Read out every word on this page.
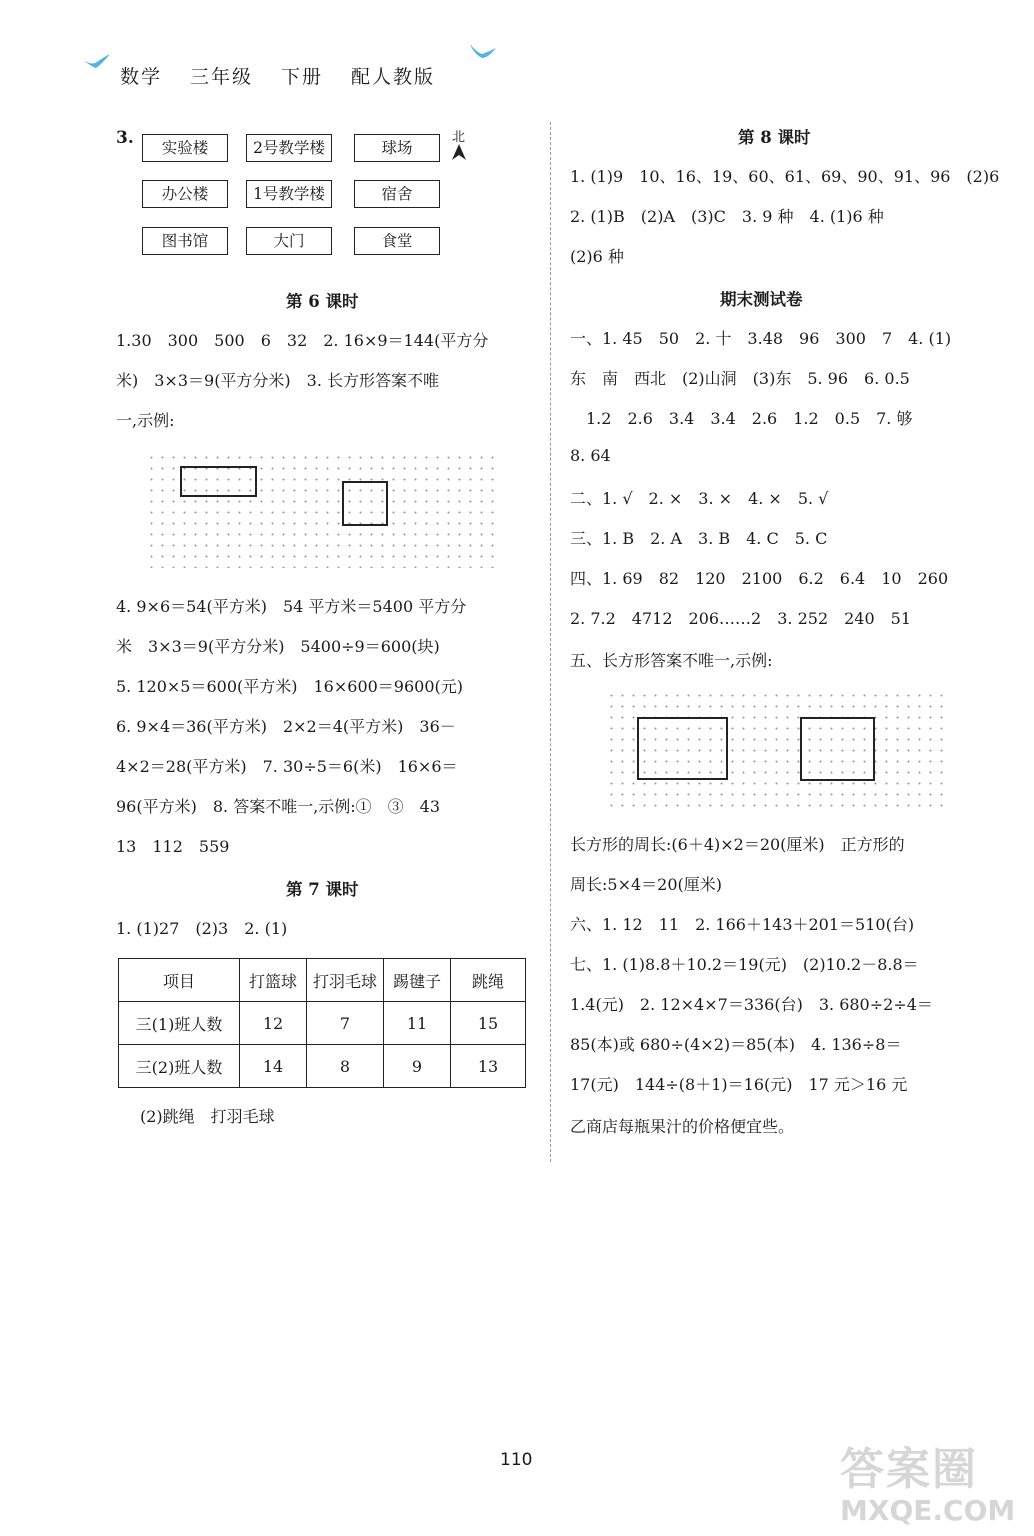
数学 三年级 下册 配人教版
3.	实验楼	2号教学楼	球场
办公楼	1号教学楼	宿舍
图书馆	大门	食堂
北
第 6 课时
1.30　300　500　6　32　2. 16×9＝144(平方分
米)　3×3＝9(平方分米)　3. 长方形答案不唯
一,示例:
4. 9×6＝54(平方米)　54 平方米＝5400 平方分
米　3×3＝9(平方分米)　5400÷9＝600(块)
5. 120×5＝600(平方米)　16×600＝9600(元)
6. 9×4＝36(平方米)　2×2＝4(平方米)　36－
4×2＝28(平方米)　7. 30÷5＝6(米)　16×6＝
96(平方米)　8. 答案不唯一,示例:①　③　43
13　112　559
第 7 课时
1. (1)27　(2)3　2. (1)
项目	打篮球	打羽毛球	踢毽子	跳绳
三(1)班人数	12	7	11	15
三(2)班人数	14	8	9	13
(2)跳绳　打羽毛球
第 8 课时
1. (1)9　10、16、19、60、61、69、90、91、96　(2)6
2. (1)B　(2)A　(3)C　3. 9 种　4. (1)6 种
(2)6 种
期末测试卷
一、1. 45　50　2. 十　3.48　96　300　7　4. (1)
东　南　西北　(2)山洞　(3)东　5. 96　6. 0.5
　1.2　2.6　3.4　3.4　2.6　1.2　0.5　7. 够
8. 64
二、1. √　2. ×　3. ×　4. ×　5. √
三、1. B　2. A　3. B　4. C　5. C
四、1. 69　82　120　2100　6.2　6.4　10　260
2. 7.2　4712　206……2　3. 252　240　51
五、长方形答案不唯一,示例:
长方形的周长:(6＋4)×2＝20(厘米)　正方形的
周长:5×4＝20(厘米)
六、1. 12　11　2. 166＋143＋201＝510(台)
七、1. (1)8.8＋10.2＝19(元)　(2)10.2－8.8＝
1.4(元)　2. 12×4×7＝336(台)　3. 680÷2÷4＝
85(本)或 680÷(4×2)＝85(本)　4. 136÷8＝
17(元)　144÷(8＋1)＝16(元)　17 元＞16 元
乙商店每瓶果汁的价格便宜些。
110	答案圈
MXQE.COM
